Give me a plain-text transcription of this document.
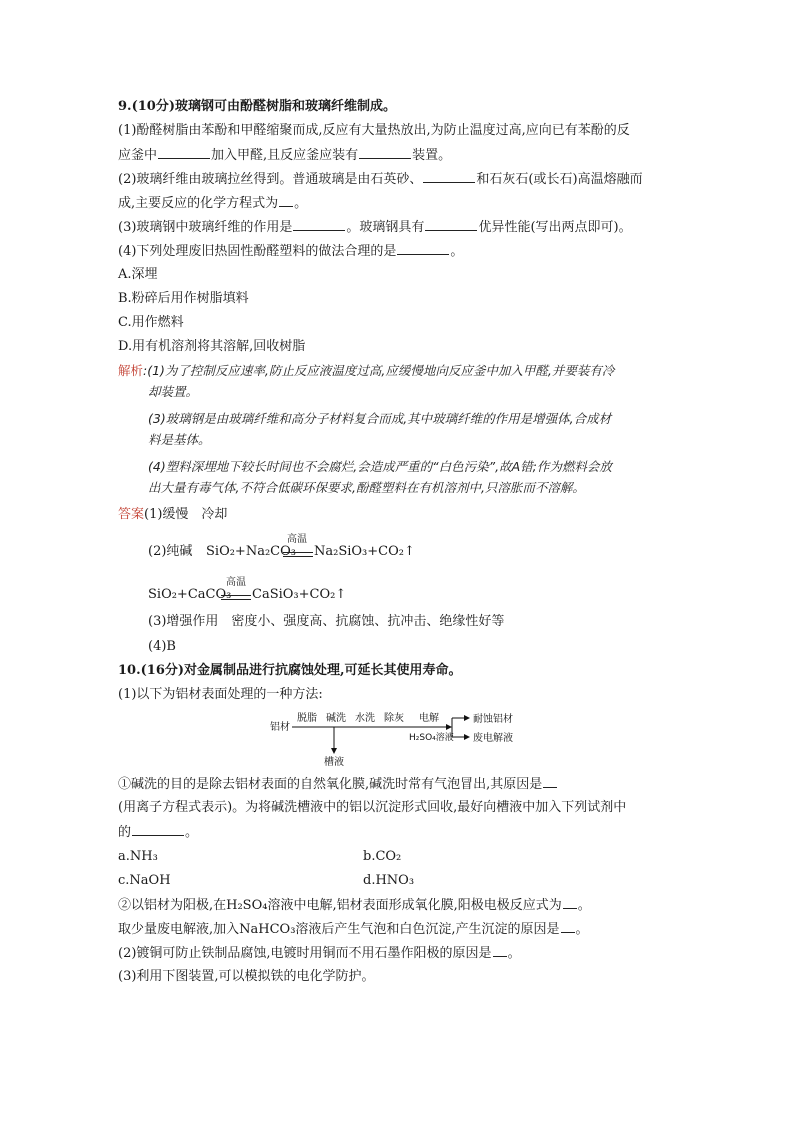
9.(10分)玻璃钢可由酚醛树脂和玻璃纤维制成。
(1)酚醛树脂由苯酚和甲醛缩聚而成,反应有大量热放出,为防止温度过高,应向已有苯酚的反
应釜中	加入甲醛,且反应釜应装有	装置。
(2)玻璃纤维由玻璃拉丝得到。普通玻璃是由石英砂、	和石灰石(或长石)高温熔融而
成,主要反应的化学方程式为 。
(3)玻璃钢中玻璃纤维的作用是	。玻璃钢具有	优异性能(写出两点即可)。
(4)下列处理废旧热固性酚醛塑料的做法合理的是	。
A.深埋
B.粉碎后用作树脂填料
C.用作燃料
D.用有机溶剂将其溶解,回收树脂
解析:(1)为了控制反应速率,防止反应液温度过高,应缓慢地向反应釜中加入甲醛,并要装有冷
却装置。
(3)玻璃钢是由玻璃纤维和高分子材料复合而成,其中玻璃纤维的作用是增强体,合成材
料是基体。
(4)塑料深埋地下较长时间也不会腐烂,会造成严重的“白色污染”,故A错;作为燃料会放
出大量有毒气体,不符合低碳环保要求,酚醛塑料在有机溶剂中,只溶胀而不溶解。
答案(1)缓慢　冷却
(2)纯碱 SiO₂+Na₂CO₃
高温
Na₂SiO₃+CO₂↑
SiO₂+CaCO₃
高温
CaSiO₃+CO₂↑
(3)增强作用　密度小、强度高、抗腐蚀、抗冲击、绝缘性好等
(4)B
10.(16分)对金属制品进行抗腐蚀处理,可延长其使用寿命。
(1)以下为铝材表面处理的一种方法:
铝材
脱脂 碱洗 水洗 除灰 电解
H₂SO₄溶液
耐蚀铝材
废电解液
槽液
①碱洗的目的是除去铝材表面的自然氧化膜,碱洗时常有气泡冒出,其原因是
(用离子方程式表示)。为将碱洗槽液中的铝以沉淀形式回收,最好向槽液中加入下列试剂中
的	。
a.NH₃	b.CO₂
c.NaOH	d.HNO₃
②以铝材为阳极,在H₂SO₄溶液中电解,铝材表面形成氧化膜,阳极电极反应式为 。
取少量废电解液,加入NaHCO₃溶液后产生气泡和白色沉淀,产生沉淀的原因是 。
(2)镀铜可防止铁制品腐蚀,电镀时用铜而不用石墨作阳极的原因是 。
(3)利用下图装置,可以模拟铁的电化学防护。
